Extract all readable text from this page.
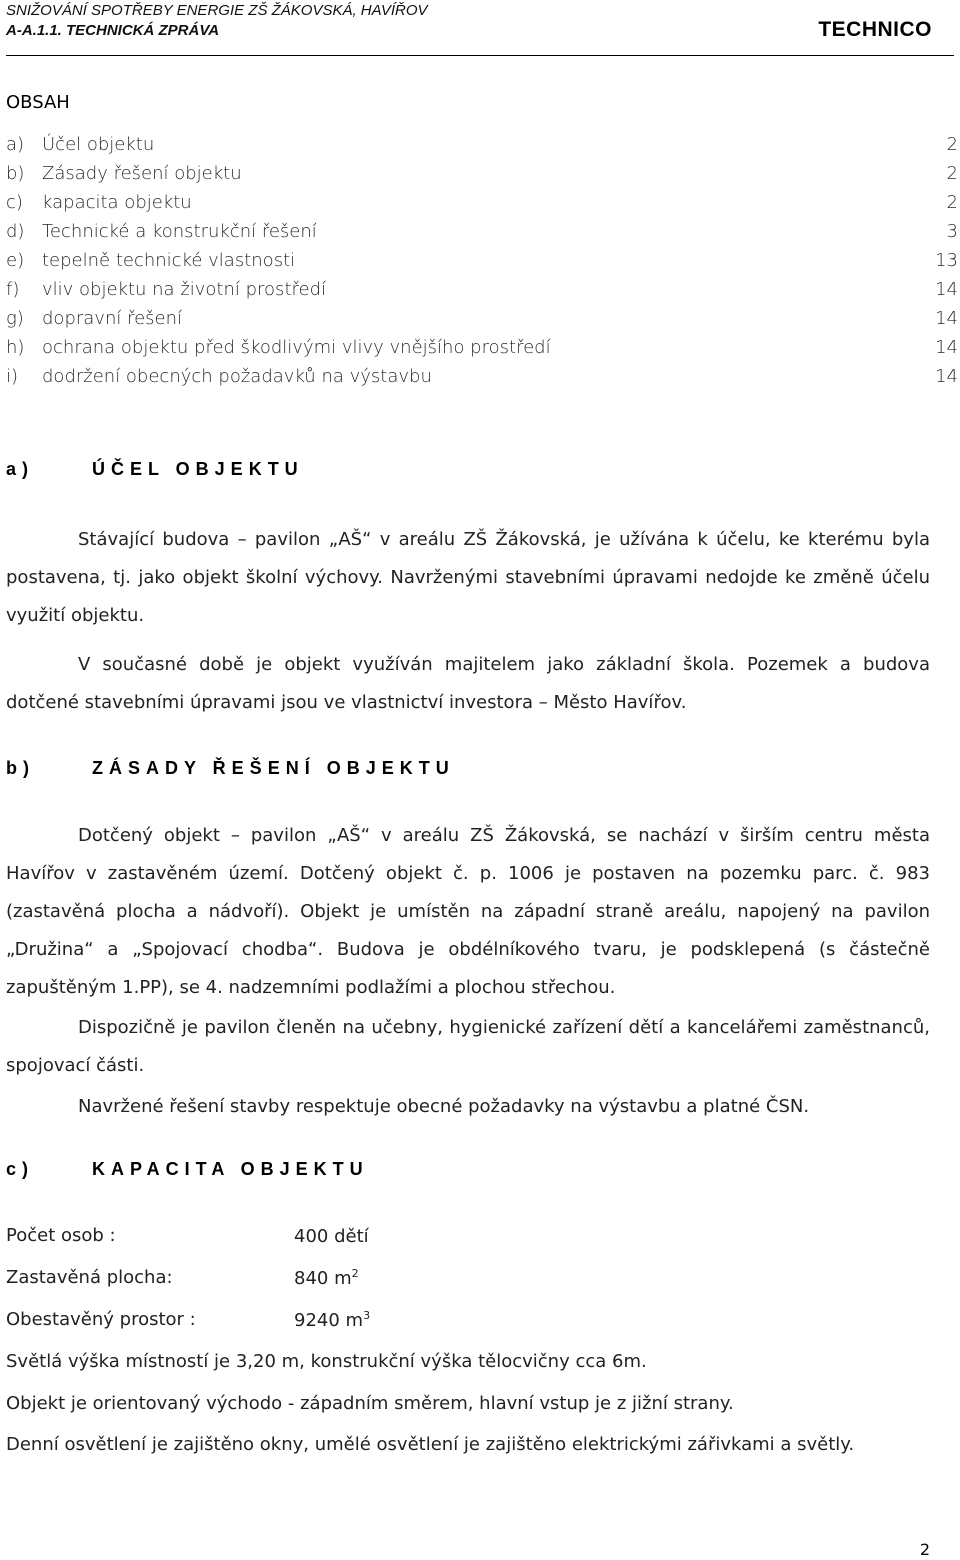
SNIŽOVÁNÍ SPOTŘEBY ENERGIE ZŠ ŽÁKOVSKÁ, HAVÍŘOV
A-A.1.1. TECHNICKÁ ZPRÁVA	TECHNICO
OBSAH
a) Účel objektu	2
b) Zásady řešení objektu	2
c)	kapacita objektu	2
d) Technické a konstrukční řešení	3
e) tepelně technické vlastnosti	13
f)	vliv objektu na životní prostředí	14
g)	dopravní řešení	14
h) ochrana objektu před škodlivými vlivy vnějšího prostředí	14
i)	dodržení obecných požadavků na výstavbu	14
a)	ÚČEL OBJEKTU
Stávající budova – pavilon „AŠ“ v areálu ZŠ Žákovská, je užívána k účelu, ke kterému byla postavena, tj. jako objekt školní výchovy. Navrženými stavebními úpravami nedojde ke změně účelu využití objektu.
V současné době je objekt využíván majitelem jako základní škola. Pozemek a budova dotčené stavebními úpravami jsou ve vlastnictví investora – Město Havířov.
b)	ZÁSADY ŘEŠENÍ OBJEKTU
Dotčený objekt – pavilon „AŠ“ v areálu ZŠ Žákovská, se nachází v širším centru města Havířov v zastavěném území. Dotčený objekt č. p. 1006 je postaven na pozemku parc. č. 983 (zastavěná plocha a nádvoří). Objekt je umístěn na západní straně areálu, napojený na pavilon „Družina“ a „Spojovací chodba“. Budova je obdélníkového tvaru, je podsklepená (s částečně zapuštěným 1.PP), se 4. nadzemními podlažími a plochou střechou.
Dispozičně je pavilon členěn na učebny, hygienické zařízení dětí a kancelářemi zaměstnanců, spojovací části.
Navržené řešení stavby respektuje obecné požadavky na výstavbu a platné ČSN.
c)	KAPACITA OBJEKTU
Počet osob :	400 dětí
Zastavěná plocha:	840 $m^2$
Obestavěný prostor :	9240 $m^3$
Světlá výška místností je 3,20 m, konstrukční výška tělocvičny cca 6m.
Objekt je orientovaný východo - západním směrem, hlavní vstup je z jižní strany.
Denní osvětlení je zajištěno okny, umělé osvětlení je zajištěno elektrickými zářivkami a světly.
2
